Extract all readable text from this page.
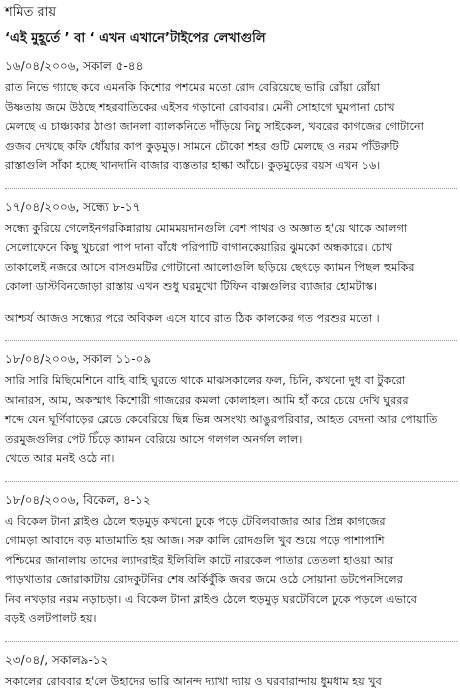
শমিত রায়
‘এই মুহূর্তে ’ বা ‘ এখন এখানে’টাইপের লেখাগুলি
১৬/০৪/২০০৬, সকাল ৫-৪৪
রাত নিভে গ্যাছে কবে এমনকি কিশোর পশমের মতো রোদ বেরিয়েছে ভারি রোঁয়া রোঁয়া
উষ্ণতায় জমে উঠছে শহরবাতিকের এইসব গড়ানো রোববার। মেনী সোহাগে ঘুমপানা চোখ
মেলছে এ চাঞ্চ্যকার ঠাণ্ডা জানলা ব্যালকনিতে দাঁড়িয়ে নিচু সাইকেল, খবরের কাগজের গোটানো
গুজব দেখছে কফি ধোঁয়ার কাপ কুড়মুড়। সামনে চৌকো শহর গুটি মেলছে ও নরম পাঁউরুটি
রাস্তাগুলি সাঁকা হচ্ছে খানদানি বাজার ব্যস্ততার হাল্কা আঁচে। কুড়মুড়ের বয়স এখন ১৬।
১৭/০৪/২০০৬, সন্ধ্যে ৮-১৭
সন্ধ্যে কুরিয়ে গেলেইনগরকিন্নারায় মোমময়দানগুলি বেশ পাথর ও অজ্ঞাত হ'য়ে থাকে আলগা
সেলোফেনে কিছু খুচরো পাপ দানা বাঁধে পরিপাটি বাগানকেয়ারির ঝুমকো অন্ধকারে। চোখ
তাকালেই নজরে আসে বাসগুমটির গোটানো আলোগুলি ছড়িয়ে ছেৎড়ে ক্যামন পিছল হুমকির
কোলা ডাস্টবিনজোড়া রাস্তায় এখন শুধু ঘরমুখো টিফিন বাক্সগুলির ব্যাজার হোমটাস্ক।
আশ্চর্য আজও সন্ধ্যের পরে অবিকল এসে যাবে রাত ঠিক কালকের গত পরশুর মতো ।
১৮/০৪/২০০৬, সকাল ১১-০৯
সারি সারি মিছিমেশিনে বাহি বাহি ঘুরতে থাকে মাঝসকালের ফল, চিনি, কখনো দুধ বা টুকরো
আনারস, আম, অকস্মাৎ কিশোরী গাজরের কমলা কোলাহল। আমি হাঁ করে চেয়ে দেখি ঘুররর
শব্দে যেন ঘূর্ণিবাড়ের ব্লেডে কেবেরিয়ে ছিন্ন ভিন্ন অসংখ্য আঙুরপরিবার, আহত বেদনা আর পোয়াতি
তরমুজগুলির পেট চিঁড়ে ক্যামন বেরিয়ে আসে গলগল অনর্গল লাল।
খেতে আর মনই ওঠে না।
১৮/০৪/২০০৬, বিকেল, ৪-১২
এ বিকেল টানা ব্লাইণ্ড ঠেলে হুড়মুড় কখনো ঢুকে পড়ে টেবিলবাজার আর প্রিন্ন কাগজের
গোমড়া আবাদে বড় মাতামাতি হয় আজ। সরু কালি রোদগুলি খুব শুয়ে পড়ে পাশাপাশি
পশ্চিমের জানালায় তাদের ল্যাদরাইর ইলিবিলি কাটে নারকেল পাতার তেতলা হাওয়া আর
পাড়খাতার জোরাকাটায় রোদকুটনির শেষ অর্কিবুঁকি জবর জমে ওঠে সোয়ানা ডটপেনসিলের
নিব নখড়ার নরম নড়াচড়া। এ বিকেল টানা ব্লাইণ্ড ঠেলে হুড়মুড় ঘরটেবিলে ঢুকে পড়লে এভাবে
বড়ই ওলটপালট হয়।
২৩/০৪/, সকাল৯-১২
সকালের রোববার হ'লে উহাদের ভারি আনন্দ দ্যাখা দ্যায় ও ঘরবারান্দায় ধুমধাম হয় খুব
